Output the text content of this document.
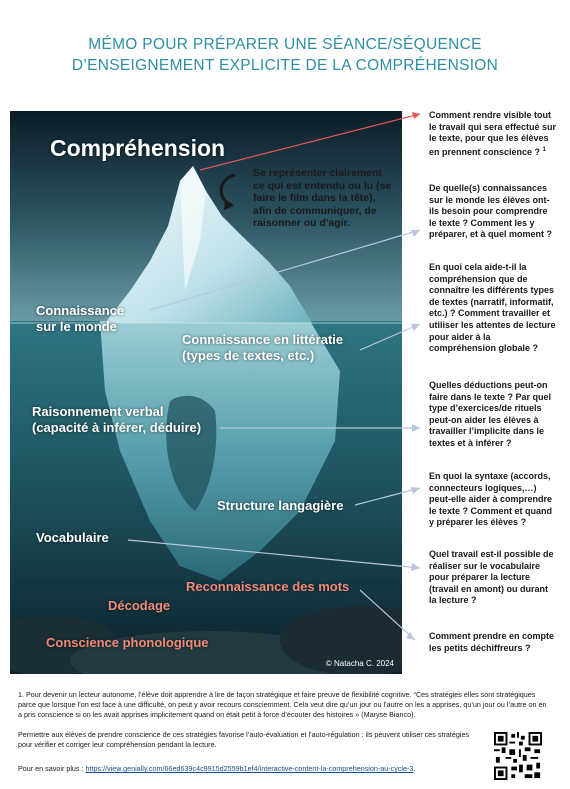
MÉMO POUR PRÉPARER UNE SÉANCE/SÉQUENCE
D’ENSEIGNEMENT EXPLICITE DE LA COMPRÉHENSION
Compréhension
Se représenter clairement ce qui est entendu ou lu (se faire le film dans la tête), afin de communiquer, de raisonner ou d'agir.
Connaissance
sur le monde
Connaissance en littératie
(types de textes, etc.)
Raisonnement verbal
(capacité à inférer, déduire)
Structure langagière
Vocabulaire
Reconnaissance des mots
Décodage
Conscience phonologique
© Natacha C. 2024
Comment rendre visible tout le travail qui sera effectué sur le texte, pour que les élèves en prennent conscience ? $^1$
De quelle(s) connaissances sur le monde les élèves ont-ils besoin pour comprendre le texte ? Comment les y préparer, et à quel moment ?
En quoi cela aide-t-il la compréhension que de connaître les différents types de textes (narratif, informatif, etc.) ? Comment travailler et utiliser les attentes de lecture pour aider à la compréhension globale ?
Quelles déductions peut-on faire dans le texte ? Par quel type d’exercices/de rituels peut-on aider les élèves à travailler l’implicite dans le textes et à inférer ?
En quoi la syntaxe (accords, connecteurs logiques,…) peut-elle aider à comprendre le texte ? Comment et quand y préparer les élèves ?
Quel travail est-il possible de réaliser sur le vocabulaire pour préparer la lecture (travail en amont) ou durant la lecture ?
Comment prendre en compte les petits déchiffreurs ?
1. Pour devenir un lecteur autonome, l’élève doit apprendre à lire de façon stratégique et faire preuve de flexibilité cognitive. “Ces stratégies elles sont stratégiques parce que lorsque l’on est face à une difficulté, on peut y avoir recours consciemment. Cela veut dire qu’un jour ou l’autre on les a apprises, qu’un jour ou l’autre on en a pris conscience si on les avait apprises implicitement quand on était petit à force d’écouter des histoires » (Maryse Bianco).
Permettre aux élèves de prendre conscience de ces stratégies favorise l’auto-évaluation et l’auto-régulation : ils peuvent utiliser ces stratégies pour vérifier et corriger leur compréhension pendant la lecture.
Pour en savoir plus : https://view.genially.com/66ed639c4c9915d2559b1ef4/interactive-content-la-comprehension-au-cycle-3.
